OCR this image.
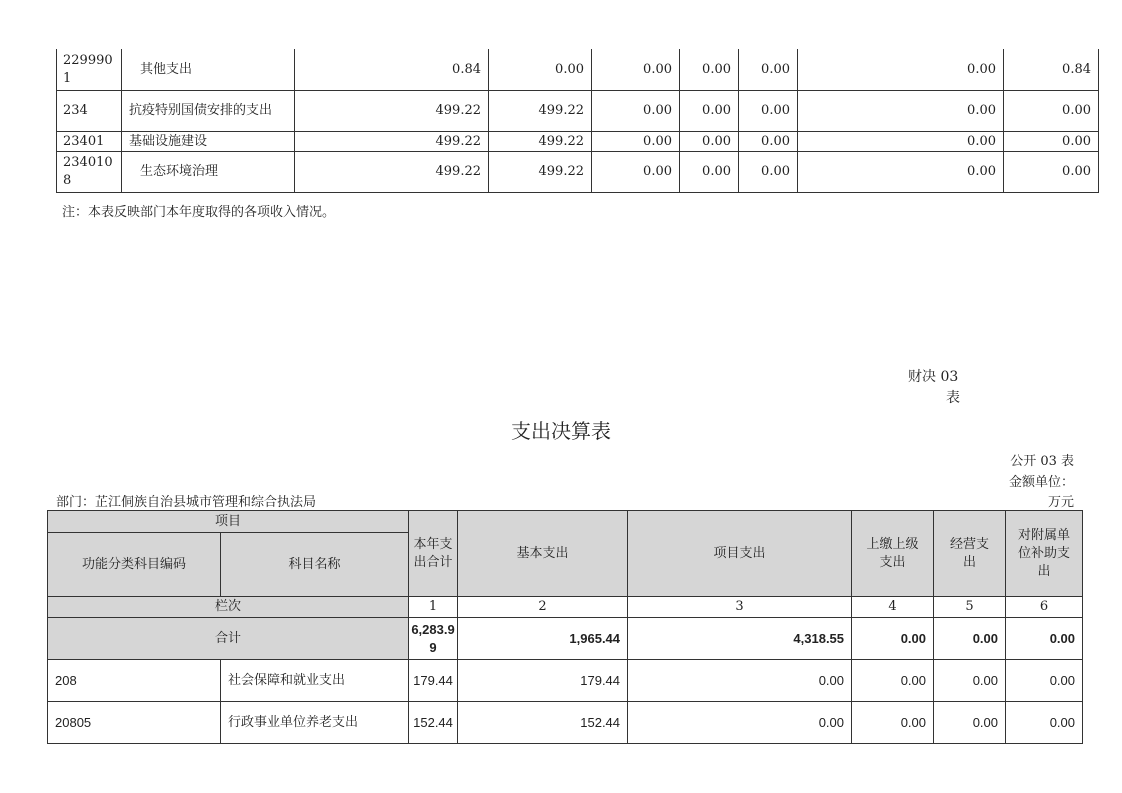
2299901	其他支出	0.84	0.00	0.00	0.00	0.00	0.00	0.84
234	抗疫特别国债安排的支出	499.22	499.22	0.00	0.00	0.00	0.00	0.00
23401	基础设施建设	499.22	499.22	0.00	0.00	0.00	0.00	0.00
2340108	生态环境治理	499.22	499.22	0.00	0.00	0.00	0.00	0.00
注：本表反映部门本年度取得的各项收入情况。
财决 03
表
支出决算表
公开 03 表
金额单位：
部门：芷江侗族自治县城市管理和综合执法局	万元
项目		本年支出合计	基本支出	项目支出	上缴上级支出	经营支出	对附属单位补助支出
功能分类科目编码	科目名称						
栏次		1	2	3	4	5	6
合计		6,283.99	1,965.44	4,318.55	0.00	0.00	0.00
208	社会保障和就业支出	179.44	179.44	0.00	0.00	0.00	0.00
20805	行政事业单位养老支出	152.44	152.44	0.00	0.00	0.00	0.00
